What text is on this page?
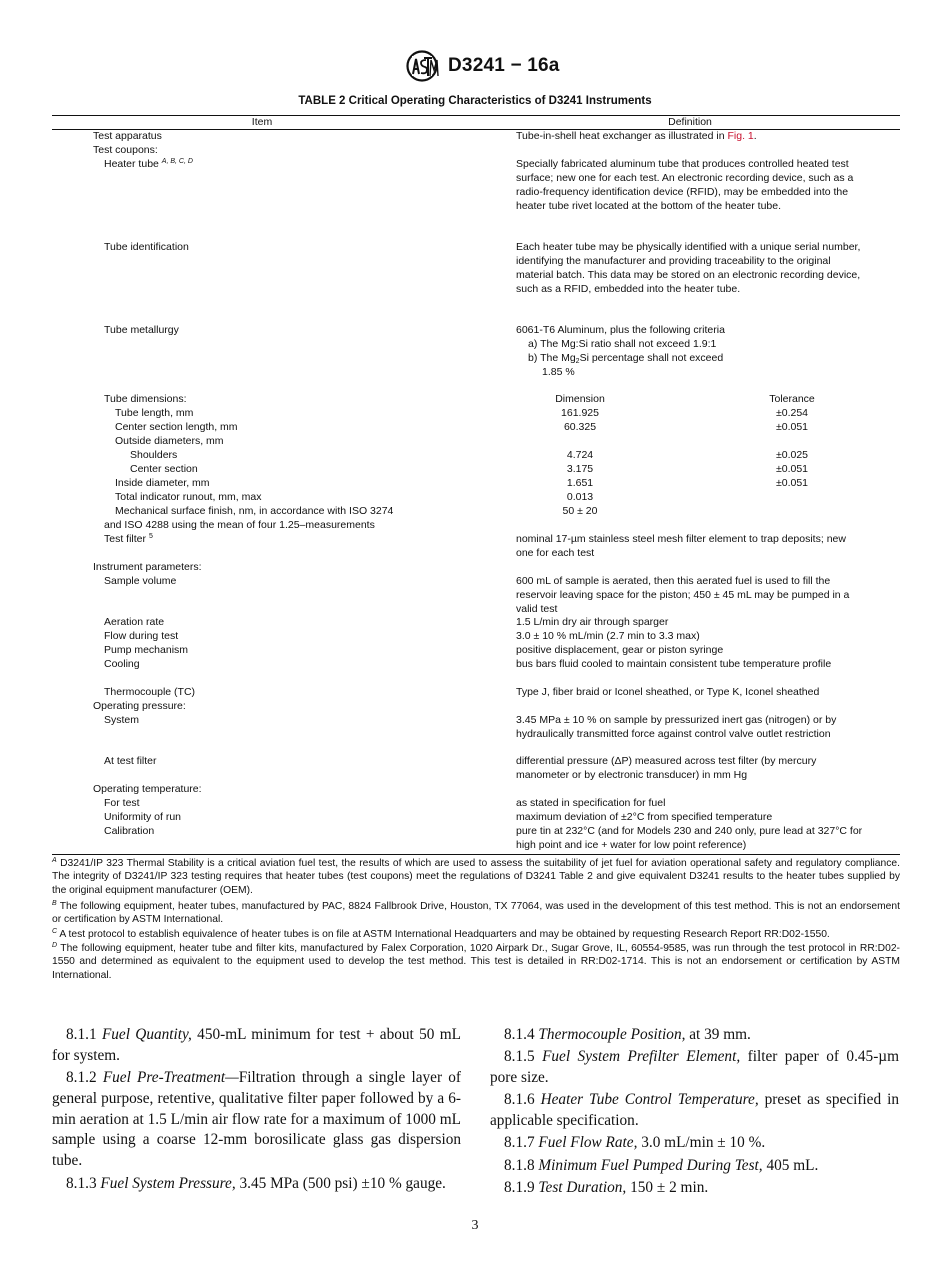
D3241 − 16a
TABLE 2 Critical Operating Characteristics of D3241 Instruments
Item	Definition
Test apparatus	Tube-in-shell heat exchanger as illustrated in Fig. 1.
Test coupons:
Heater tube $^{A, B, C, D}$	Specially fabricated aluminum tube that produces controlled heated test surface; new one for each test. An electronic recording device, such as a radio-frequency identification device (RFID), may be embedded into the heater tube rivet located at the bottom of the heater tube.
Tube identification	Each heater tube may be physically identified with a unique serial number, identifying the manufacturer and providing traceability to the original material batch. This data may be stored on an electronic recording device, such as a RFID, embedded into the heater tube.
Tube metallurgy	6061-T6 Aluminum, plus the following criteria
a) The Mg:Si ratio shall not exceed 1.9:1
b) The $Mg_2Si$ percentage shall not exceed
1.85 %
Tube dimensions:	Dimension	Tolerance
Tube length, mm	161.925	±0.254
Center section length, mm	60.325	±0.051
Outside diameters, mm
Shoulders	4.724	±0.025
Center section	3.175	±0.051
Inside diameter, mm	1.651	±0.051
Total indicator runout, mm, max	0.013
Mechanical surface finish, nm, in accordance with ISO 3274	50 ± 20
and ISO 4288 using the mean of four 1.25–measurements
Test filter $^5$	nominal 17-µm stainless steel mesh filter element to trap deposits; new one for each test
Instrument parameters:
Sample volume	600 mL of sample is aerated, then this aerated fuel is used to fill the reservoir leaving space for the piston; 450 ± 45 mL may be pumped in a valid test
Aeration rate	1.5 L/min dry air through sparger
Flow during test	3.0 ± 10 % mL/min (2.7 min to 3.3 max)
Pump mechanism	positive displacement, gear or piston syringe
Cooling	bus bars fluid cooled to maintain consistent tube temperature profile
Thermocouple (TC)	Type J, fiber braid or Iconel sheathed, or Type K, Iconel sheathed
Operating pressure:
System	3.45 MPa ± 10 % on sample by pressurized inert gas (nitrogen) or by hydraulically transmitted force against control valve outlet restriction
At test filter	differential pressure (ΔP) measured across test filter (by mercury manometer or by electronic transducer) in mm Hg
Operating temperature:
For test	as stated in specification for fuel
Uniformity of run	maximum deviation of ±2°C from specified temperature
Calibration	pure tin at 232°C (and for Models 230 and 240 only, pure lead at 327°C for high point and ice + water for low point reference)
$^A$ D3241/IP 323 Thermal Stability is a critical aviation fuel test, the results of which are used to assess the suitability of jet fuel for aviation operational safety and regulatory compliance. The integrity of D3241/IP 323 testing requires that heater tubes (test coupons) meet the regulations of D3241 Table 2 and give equivalent D3241 results to the heater tubes supplied by the original equipment manufacturer (OEM).
$^B$ The following equipment, heater tubes, manufactured by PAC, 8824 Fallbrook Drive, Houston, TX 77064, was used in the development of this test method. This is not an endorsement or certification by ASTM International.
$^C$ A test protocol to establish equivalence of heater tubes is on file at ASTM International Headquarters and may be obtained by requesting Research Report RR:D02-1550.
$^D$ The following equipment, heater tube and filter kits, manufactured by Falex Corporation, 1020 Airpark Dr., Sugar Grove, IL, 60554-9585, was run through the test protocol in RR:D02-1550 and determined as equivalent to the equipment used to develop the test method. This test is detailed in RR:D02-1714. This is not an endorsement or certification by ASTM International.

8.1.1 Fuel Quantity, 450-mL minimum for test + about 50 mL for system.

8.1.2 Fuel Pre-Treatment—Filtration through a single layer of general purpose, retentive, qualitative filter paper followed by a 6-min aeration at 1.5 L/min air flow rate for a maximum of 1000 mL sample using a coarse 12-mm borosilicate glass gas dispersion tube.

8.1.3 Fuel System Pressure, 3.45 MPa (500 psi) ±10 % gauge.

8.1.4 Thermocouple Position, at 39 mm.

8.1.5 Fuel System Prefilter Element, filter paper of 0.45-µm pore size.

8.1.6 Heater Tube Control Temperature, preset as specified in applicable specification.

8.1.7 Fuel Flow Rate, 3.0 mL/min ± 10 %.

8.1.8 Minimum Fuel Pumped During Test, 405 mL.

8.1.9 Test Duration, 150 ± 2 min.

3
